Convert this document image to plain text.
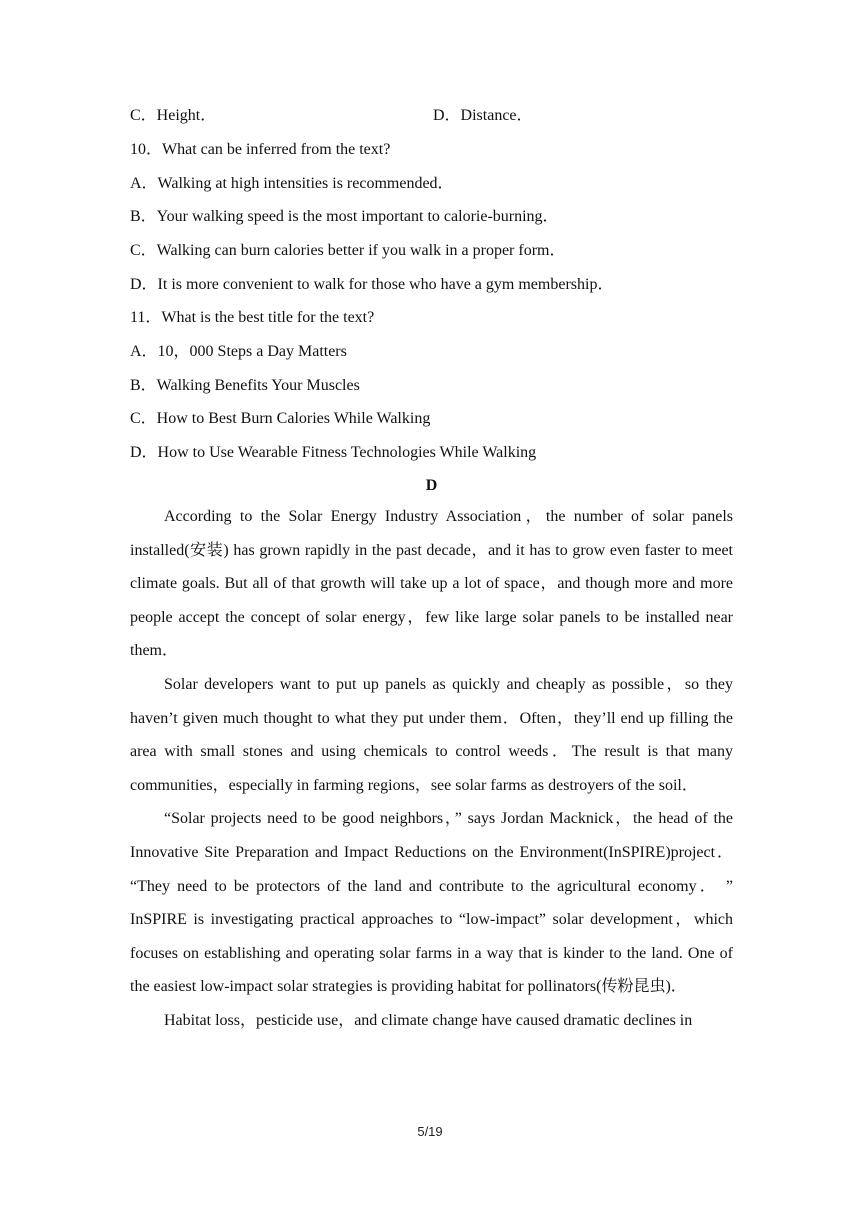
C．Height．	D．Distance．
10．What can be inferred from the text?
A．Walking at high intensities is recommended．
B．Your walking speed is the most important to calorie-burning．
C．Walking can burn calories better if you walk in a proper form．
D．It is more convenient to walk for those who have a gym membership．
11．What is the best title for the text?
A．10，000 Steps a Day Matters
B．Walking Benefits Your Muscles
C．How to Best Burn Calories While Walking
D．How to Use Wearable Fitness Technologies While Walking
D

According to the Solar Energy Industry Association，the number of solar panels installed(安装) has grown rapidly in the past decade，and it has to grow even faster to meet climate goals. But all of that growth will take up a lot of space，and though more and more people accept the concept of solar energy，few like large solar panels to be installed near them．

Solar developers want to put up panels as quickly and cheaply as possible，so they haven’t given much thought to what they put under them．Often，they’ll end up filling the area with small stones and using chemicals to control weeds．The result is that many communities，especially in farming regions，see solar farms as destroyers of the soil．

“Solar projects need to be good neighbors，” says Jordan Macknick，the head of the Innovative Site Preparation and Impact Reductions on the Environment(InSPIRE)project． “They need to be protectors of the land and contribute to the agricultural economy． ” InSPIRE is investigating practical approaches to “low-impact” solar development，which focuses on establishing and operating solar farms in a way that is kinder to the land. One of the easiest low-impact solar strategies is providing habitat for pollinators(传粉昆虫)．

Habitat loss，pesticide use，and climate change have caused dramatic declines in

5/19
